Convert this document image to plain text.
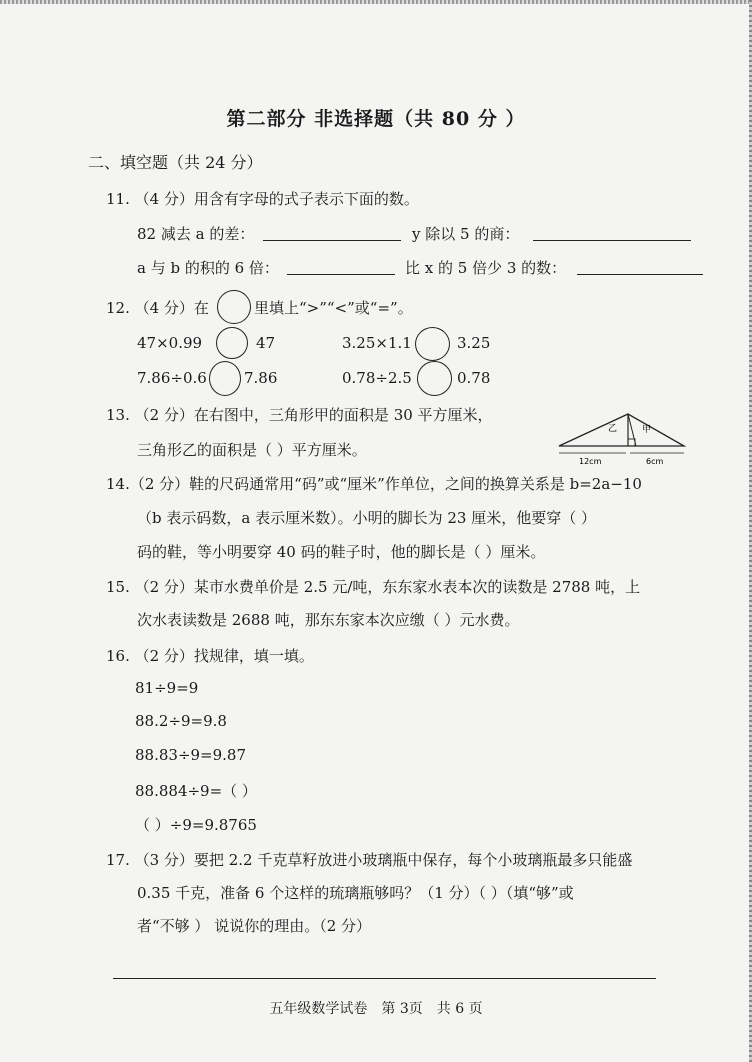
第二部分 非选择题（共 80 分 ）
二、填空题（共 24 分）
11. （4 分）用含有字母的式子表示下面的数。
82 减去 a 的差：	y 除以 5 的商：
a 与 b 的积的 6 倍：	比 x 的 5 倍少 3 的数：
12. （4 分）在	里填上“>”“<”或“=”。
47×0.99	47	3.25×1.1	3.25
7.86÷0.6 7.86	0.78÷2.5	0.78
13. （2 分）在右图中，三角形甲的面积是 30 平方厘米，
三角形乙的面积是（ ）平方厘米。
乙	甲
12cm	6cm
14.（2 分）鞋的尺码通常用“码”或“厘米”作单位，之间的换算关系是 b=2a−10
（b 表示码数，a 表示厘米数）。小明的脚长为 23 厘米，他要穿（ ）
码的鞋，等小明要穿 40 码的鞋子时，他的脚长是（ ）厘米。
15. （2 分）某市水费单价是 2.5 元/吨，东东家水表本次的读数是 2788 吨，上
次水表读数是 2688 吨，那东东家本次应缴（ ）元水费。
16. （2 分）找规律，填一填。
81÷9=9
88.2÷9=9.8
88.83÷9=9.87
88.884÷9=（ ）
（ ）÷9=9.8765
17. （3 分）要把 2.2 千克草籽放进小玻璃瓶中保存，每个小玻璃瓶最多只能盛
0.35 千克，准备 6 个这样的琉璃瓶够吗？（1 分）（ ）（填“够”或
者“不够 ） 说说你的理由。（2 分）
五年级数学试卷　第 3页　共 6 页
